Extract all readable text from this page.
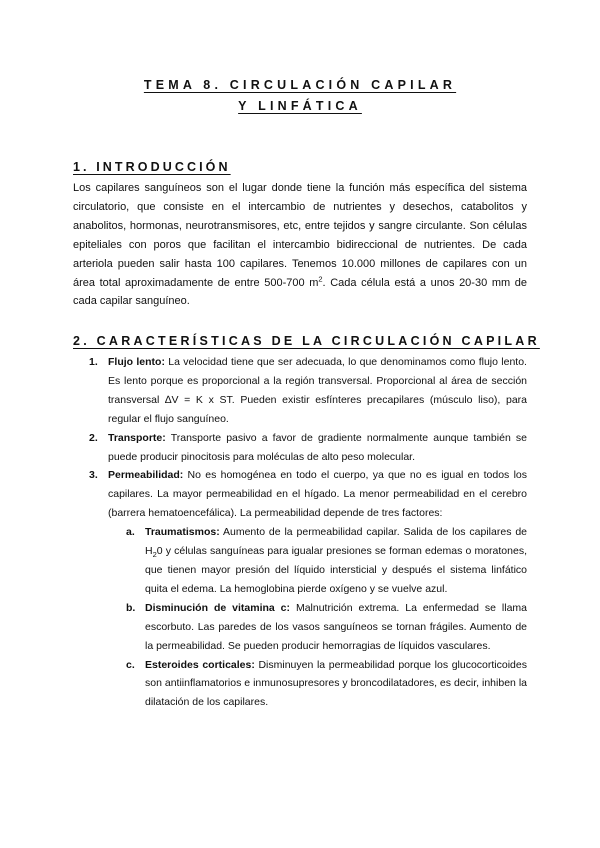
TEMA 8. CIRCULACIÓN CAPILAR
Y LINFÁTICA
1. INTRODUCCIÓN
Los capilares sanguíneos son el lugar donde tiene la función más específica del sistema circulatorio, que consiste en el intercambio de nutrientes y desechos, catabolitos y anabolitos, hormonas, neurotransmisores, etc, entre tejidos y sangre circulante. Son células epiteliales con poros que facilitan el intercambio bidireccional de nutrientes. De cada arteriola pueden salir hasta 100 capilares. Tenemos 10.000 millones de capilares con un área total aproximadamente de entre 500-700 $m^2$. Cada célula está a unos 20-30 mm de cada capilar sanguíneo.
2. CARACTERÍSTICAS DE LA CIRCULACIÓN CAPILAR
1. Flujo lento: La velocidad tiene que ser adecuada, lo que denominamos como flujo lento. Es lento porque es proporcional a la región transversal. Proporcional al área de sección transversal ∆V = K x ST. Pueden existir esfínteres precapilares (músculo liso), para regular el flujo sanguíneo.
2. Transporte: Transporte pasivo a favor de gradiente normalmente aunque también se puede producir pinocitosis para moléculas de alto peso molecular.
3. Permeabilidad: No es homogénea en todo el cuerpo, ya que no es igual en todos los capilares. La mayor permeabilidad en el hígado. La menor permeabilidad en el cerebro (barrera hematoencefálica). La permeabilidad depende de tres factores:
a. Traumatismos: Aumento de la permeabilidad capilar. Salida de los capilares de $H_20$ y células sanguíneas para igualar presiones se forman edemas o moratones, que tienen mayor presión del líquido intersticial y después el sistema linfático quita el edema. La hemoglobina pierde oxígeno y se vuelve azul.
b. Disminución de vitamina c: Malnutrición extrema. La enfermedad se llama escorbuto. Las paredes de los vasos sanguíneos se tornan frágiles. Aumento de la permeabilidad. Se pueden producir hemorragias de líquidos vasculares.
c. Esteroides corticales: Disminuyen la permeabilidad porque los glucocorticoides son antiinflamatorios e inmunosupresores y broncodilatadores, es decir, inhiben la dilatación de los capilares.
